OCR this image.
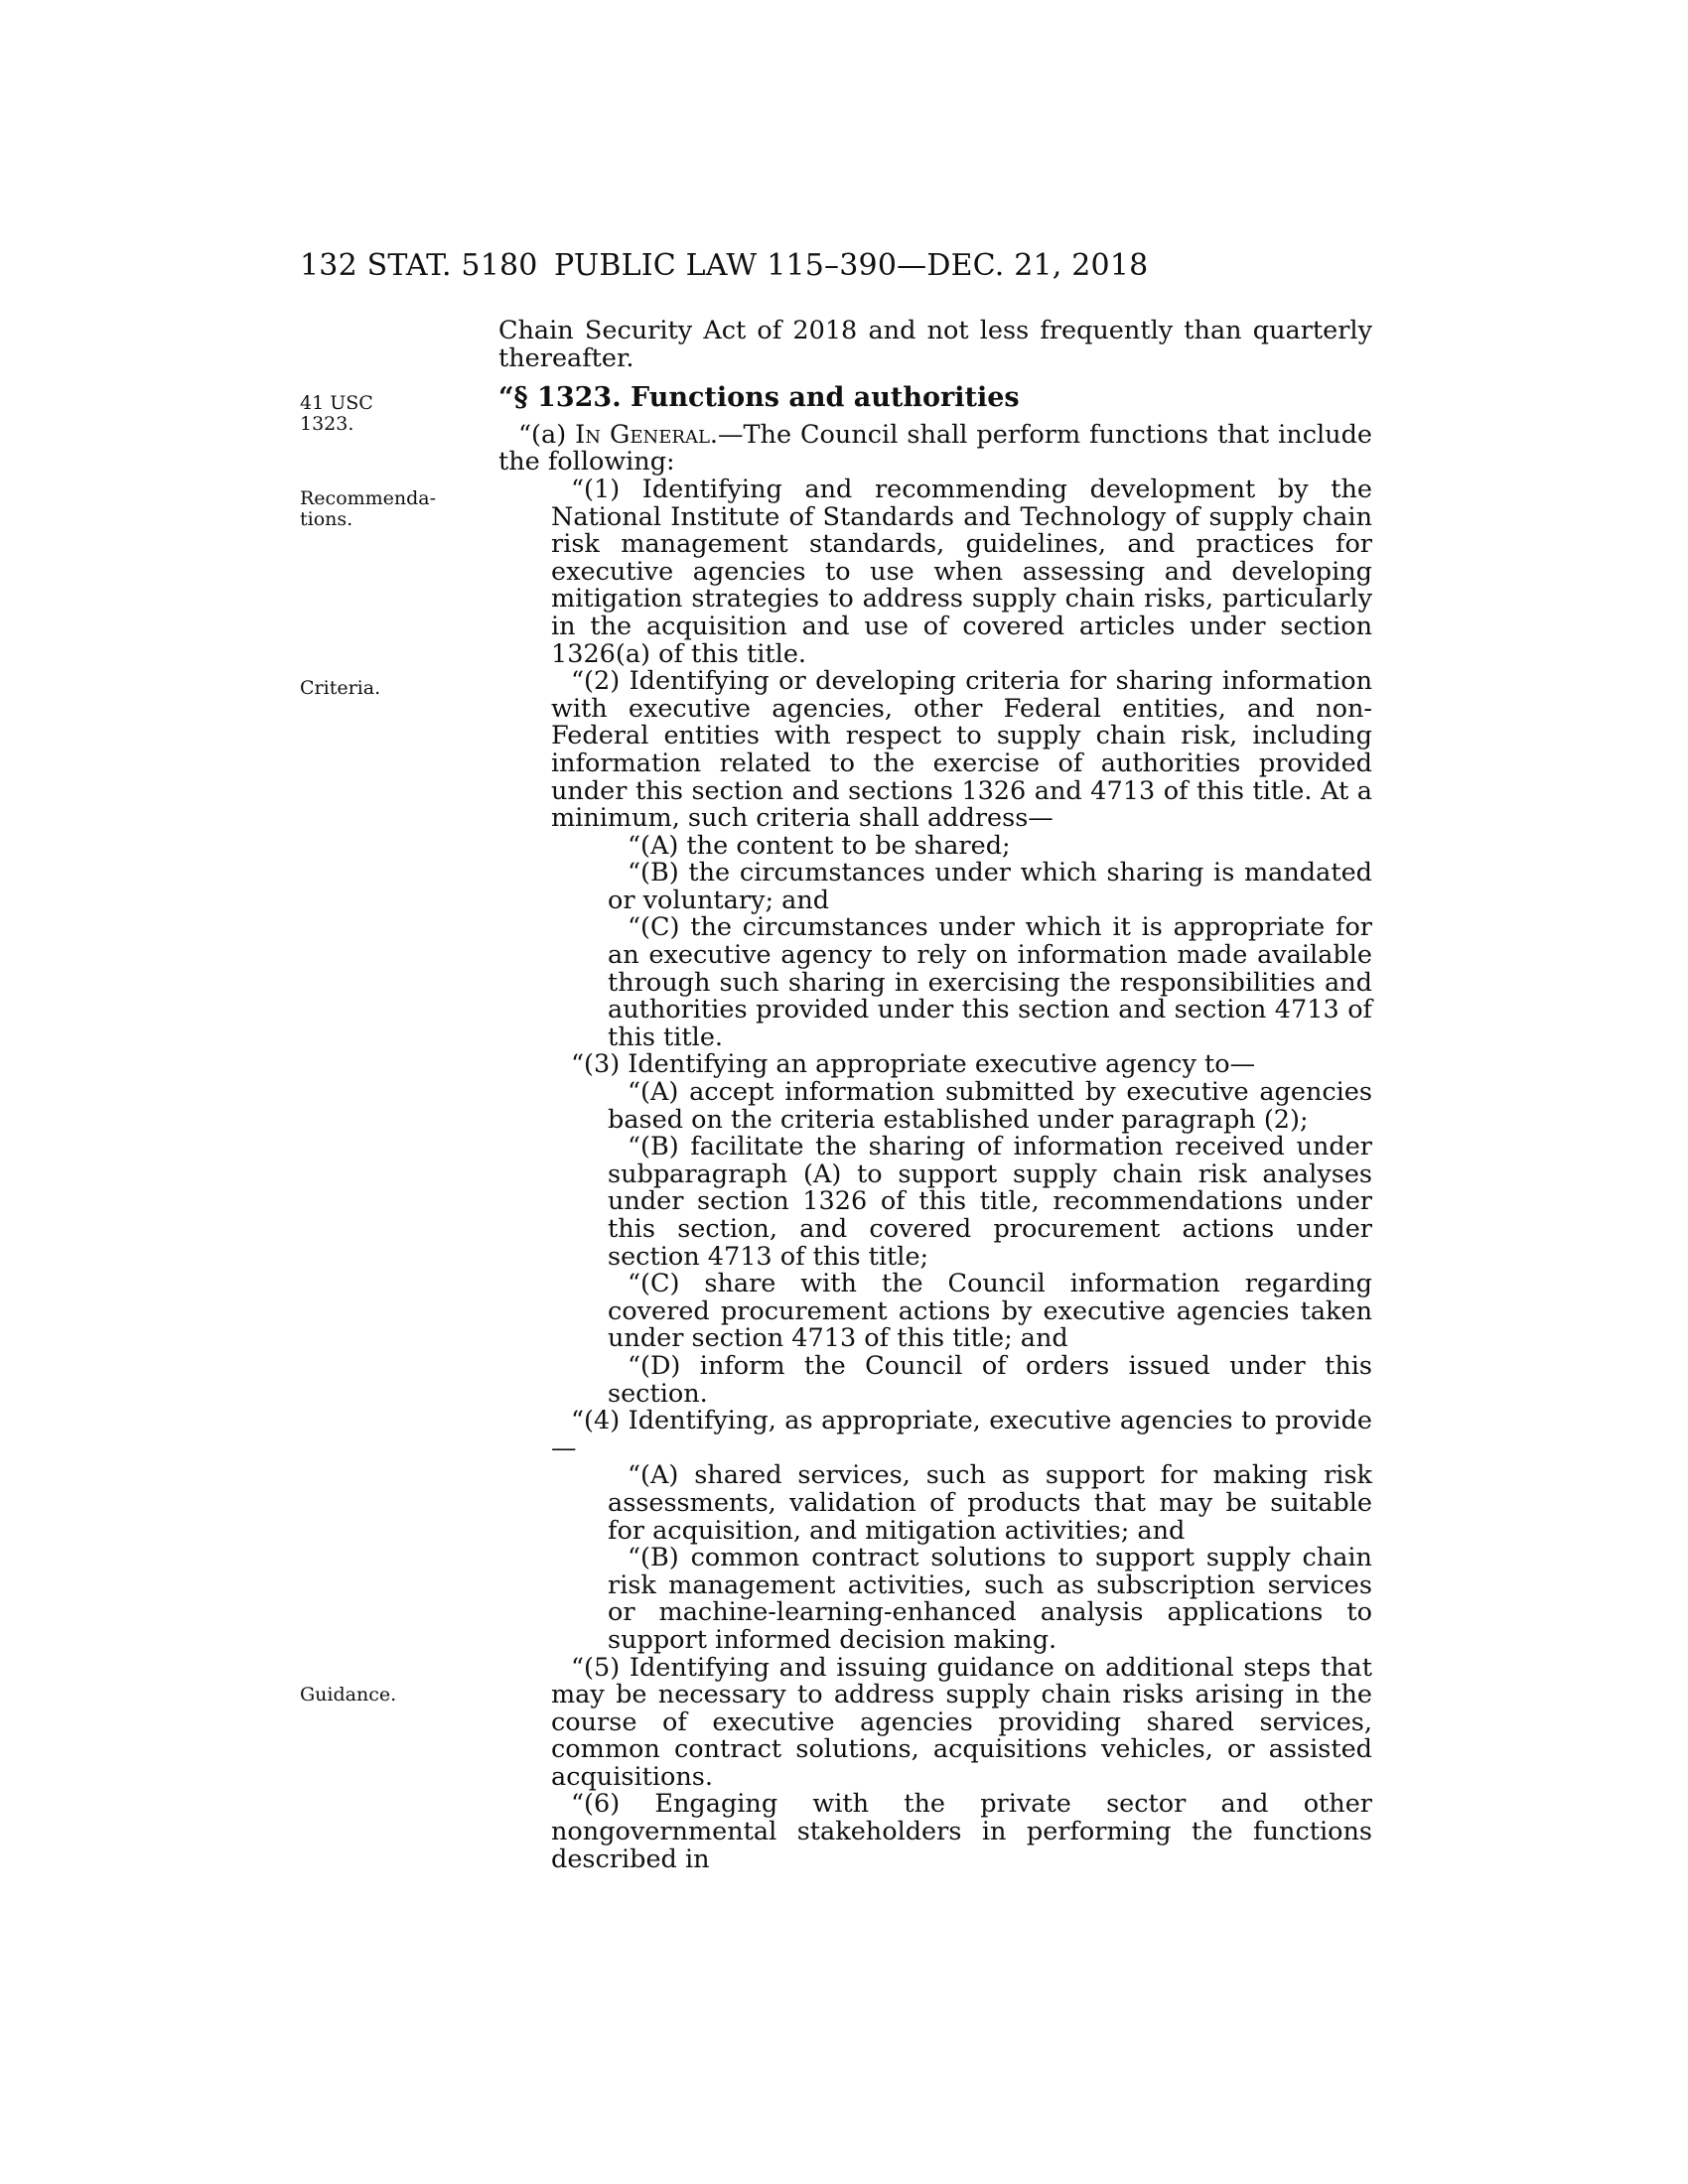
132 STAT. 5180 PUBLIC LAW 115–390—DEC. 21, 2018
41 USC 1323.
Recommenda-
tions.
Criteria.
Guidance.

Chain Security Act of 2018 and not less frequently than quarterly thereafter.

“§ 1323. Functions and authorities

“(a) In General.—The Council shall perform functions that include the following:

“(1) Identifying and recommending development by the National Institute of Standards and Technology of supply chain risk management standards, guidelines, and practices for executive agencies to use when assessing and developing mitigation strategies to address supply chain risks, particularly in the acquisition and use of covered articles under section 1326(a) of this title.

“(2) Identifying or developing criteria for sharing information with executive agencies, other Federal entities, and non-Federal entities with respect to supply chain risk, including information related to the exercise of authorities provided under this section and sections 1326 and 4713 of this title. At a minimum, such criteria shall address—

“(A) the content to be shared;

“(B) the circumstances under which sharing is mandated or voluntary; and

“(C) the circumstances under which it is appropriate for an executive agency to rely on information made available through such sharing in exercising the responsibilities and authorities provided under this section and section 4713 of this title.

“(3) Identifying an appropriate executive agency to—

“(A) accept information submitted by executive agencies based on the criteria established under paragraph (2);

“(B) facilitate the sharing of information received under subparagraph (A) to support supply chain risk analyses under section 1326 of this title, recommendations under this section, and covered procurement actions under section 4713 of this title;

“(C) share with the Council information regarding covered procurement actions by executive agencies taken under section 4713 of this title; and

“(D) inform the Council of orders issued under this section.

“(4) Identifying, as appropriate, executive agencies to provide—

“(A) shared services, such as support for making risk assessments, validation of products that may be suitable for acquisition, and mitigation activities; and

“(B) common contract solutions to support supply chain risk management activities, such as subscription services or machine-learning-enhanced analysis applications to support informed decision making.

“(5) Identifying and issuing guidance on additional steps that may be necessary to address supply chain risks arising in the course of executive agencies providing shared services, common contract solutions, acquisitions vehicles, or assisted acquisitions.

“(6) Engaging with the private sector and other nongovernmental stakeholders in performing the functions described in
